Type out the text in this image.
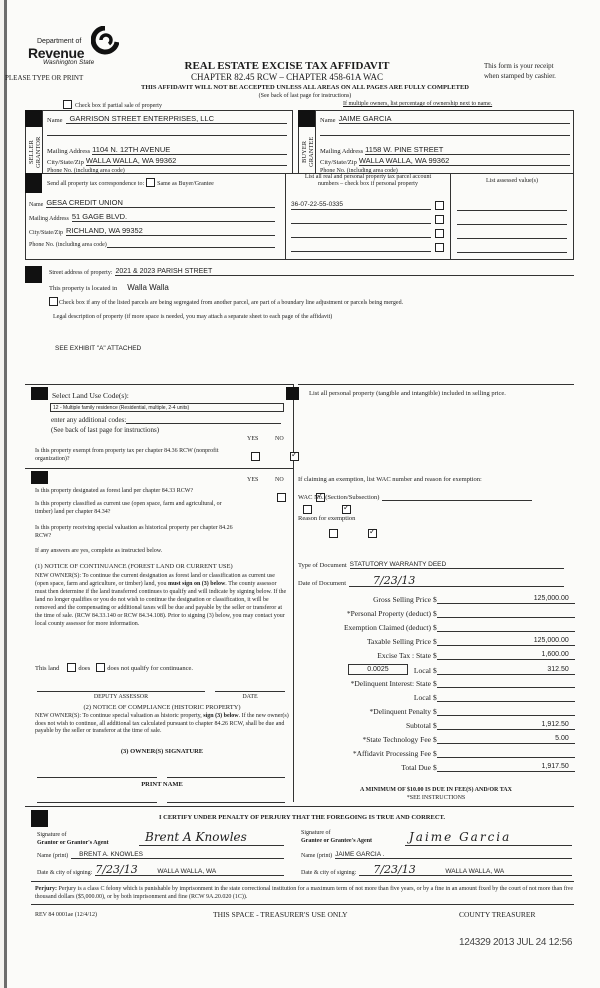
Department of
Revenue
Washington State
PLEASE TYPE OR PRINT
REAL ESTATE EXCISE TAX AFFIDAVIT
CHAPTER 82.45 RCW – CHAPTER 458-61A WAC
This form is your receipt
when stamped by cashier.
THIS AFFIDAVIT WILL NOT BE ACCEPTED UNLESS ALL AREAS ON ALL PAGES ARE FULLY COMPLETED
(See back of last page for instructions)
Check box if partial sale of property	If multiple owners, list percentage of ownership next to name.
SELLER GRANTOR
Name GARRISON STREET ENTERPRISES, LLC
Mailing Address 1104 N. 12TH AVENUE
City/State/Zip WALLA WALLA, WA 99362
Phone No. (including area code)
BUYER GRANTEE
Name JAIME GARCIA
Mailing Address 1158 W. PINE STREET
City/State/Zip WALLA WALLA, WA 99362
Phone No. (including area code)
Send all property tax correspondence to: Same as Buyer/Grantee
Name GESA CREDIT UNION
Mailing Address 51 GAGE BLVD.
City/State/Zip RICHLAND, WA 99352
Phone No. (including area code)
List all real and personal property tax parcel account
numbers – check box if personal property	List assessed value(s)
36-07-22-55-0335
Street address of property: 2021 & 2023 PARISH STREET
This property is located in Walla Walla
Check box if any of the listed parcels are being segregated from another parcel, are part of a boundary line adjustment or parcels being merged.
Legal description of property (if more space is needed, you may attach a separate sheet to each page of the affidavit)
SEE EXHIBIT "A" ATTACHED
Select Land Use Code(s):
12 - Multiple family residence (Residential, multiple, 2-4 units)
enter any additional codes:
(See back of last page for instructions)
YES	NO
Is this property exempt from property tax per chapter 84.36 RCW (nonprofit organization)?
✓
YES	NO
Is this property designated as forest land per chapter 84.33 RCW?
✓
Is this property classified as current use (open space, farm and agricultural, or timber) land per chapter 84.34?
✓
Is this property receiving special valuation as historical property per chapter 84.26 RCW?
✓
If any answers are yes, complete as instructed below.
(1) NOTICE OF CONTINUANCE (FOREST LAND OR CURRENT USE)
NEW OWNER(S): To continue the current designation as forest land or classification as current use (open space, farm and agriculture, or timber) land, you must sign on (3) below. The county assessor must then determine if the land transferred continues to qualify and will indicate by signing below. If the land no longer qualifies or you do not wish to continue the designation or classification, it will be removed and the compensating or additional taxes will be due and payable by the seller or transferor at the time of sale. (RCW 84.33.140 or RCW 84.34.108). Prior to signing (3) below, you may contact your local county assessor for more information.
This land	does	does not qualify for continuance.
DEPUTY ASSESSOR	DATE
(2) NOTICE OF COMPLIANCE (HISTORIC PROPERTY)
NEW OWNER(S): To continue special valuation as historic property, sign (3) below. If the new owner(s) does not wish to continue, all additional tax calculated pursuant to chapter 84.26 RCW, shall be due and payable by the seller or transferor at the time of sale.
(3) OWNER(S) SIGNATURE
PRINT NAME
List all personal property (tangible and intangible) included in selling price.
If claiming an exemption, list WAC number and reason for exemption:
WAC No. (Section/Subsection)
Reason for exemption
Type of Document STATUTORY WARRANTY DEED
Date of Document	7/23/13
Gross Selling Price $	125,000.00
*Personal Property (deduct) $
Exemption Claimed (deduct) $
Taxable Selling Price $	125,000.00
Excise Tax : State $	1,600.00
0.0025	Local $	312.50
*Delinquent Interest: State $
Local $
*Delinquent Penalty $
Subtotal $	1,912.50
*State Technology Fee $	5.00
*Affidavit Processing Fee $
Total Due $	1,917.50
A MINIMUM OF $10.00 IS DUE IN FEE(S) AND/OR TAX
*SEE INSTRUCTIONS
I CERTIFY UNDER PENALTY OF PERJURY THAT THE FOREGOING IS TRUE AND CORRECT.
Signature of
Grantor or Grantor's Agent	Brent A Knowles
Name (print)	BRENT A. KNOWLES
Date & city of signing: 7/23/13	WALLA WALLA, WA
Signature of
Grantee or Grantee's Agent	Jaime Garcia
Name (print) JAIME GARCIA .
Date & city of signing:	7/23/13	WALLA WALLA, WA
Perjury: Perjury is a class C felony which is punishable by imprisonment in the state correctional institution for a maximum term of not more than five years, or by a fine in an amount fixed by the court of not more than five thousand dollars ($5,000.00), or by both imprisonment and fine (RCW 9A.20.020 (1C)).
REV 84 0001ae (12/4/12)	THIS SPACE - TREASURER'S USE ONLY	COUNTY TREASURER
124329 2013 JUL 24 12:56
